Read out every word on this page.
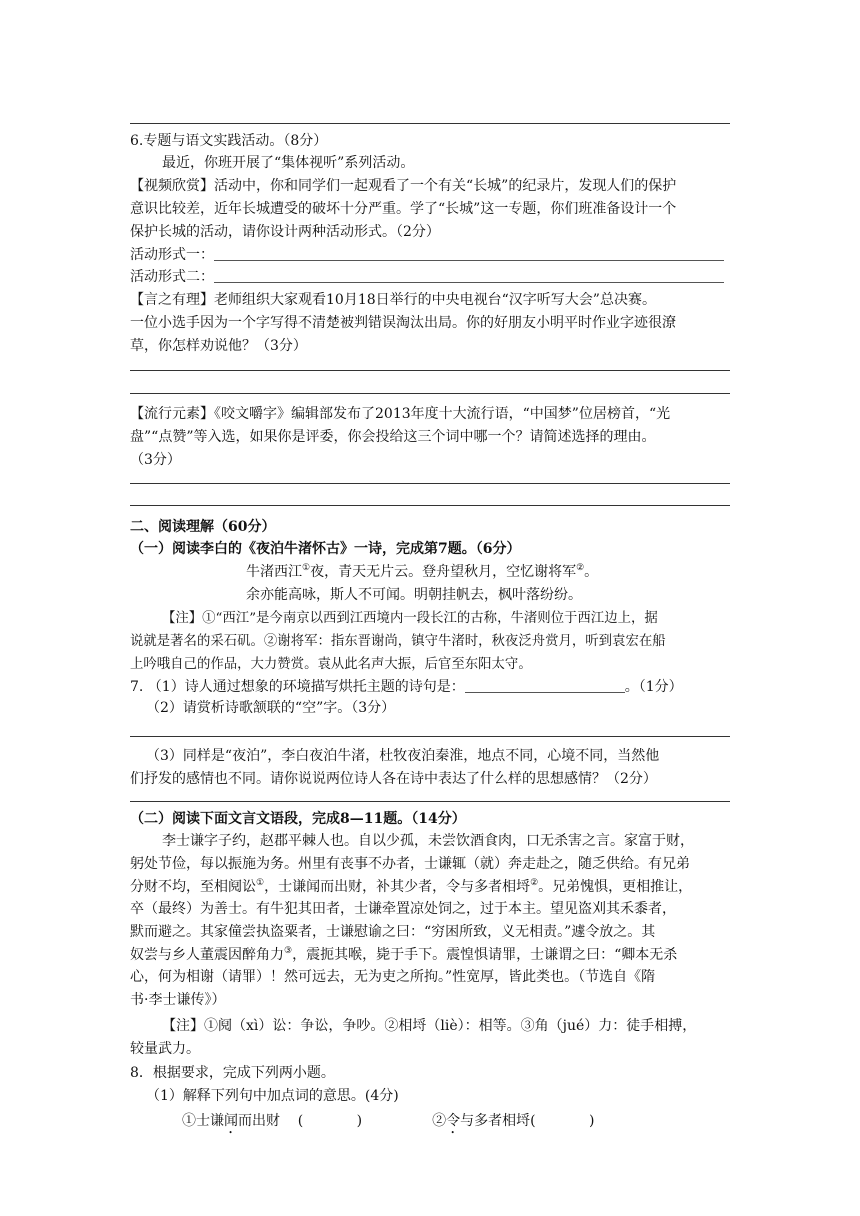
6.专题与语文实践活动。（8分）
最近，你班开展了“集体视听”系列活动。
【视频欣赏】活动中，你和同学们一起观看了一个有关“长城”的纪录片，发现人们的保护
意识比较差，近年长城遭受的破坏十分严重。学了“长城”这一专题，你们班准备设计一个
保护长城的活动，请你设计两种活动形式。（2分）
活动形式一：
活动形式二：
【言之有理】老师组织大家观看10月18日举行的中央电视台“汉字听写大会”总决赛。
一位小选手因为一个字写得不清楚被判错误淘汰出局。你的好朋友小明平时作业字迹很潦
草，你怎样劝说他？（3分）
【流行元素】《咬文嚼字》编辑部发布了2013年度十大流行语，“中国梦”位居榜首，“光
盘”“点赞”等入选，如果你是评委，你会投给这三个词中哪一个？请简述选择的理由。
（3分）
二、阅读理解（60分）
（一）阅读李白的《夜泊牛渚怀古》一诗，完成第7题。（6分）
牛渚西江①夜，青天无片云。登舟望秋月，空忆谢将军②。
余亦能高咏，斯人不可闻。明朝挂帆去，枫叶落纷纷。
【注】①“西江”是今南京以西到江西境内一段长江的古称，牛渚则位于西江边上，据
说就是著名的采石矶。②谢将军：指东晋谢尚，镇守牛渚时，秋夜泛舟赏月，听到袁宏在船
上吟哦自己的作品，大力赞赏。袁从此名声大振，后官至东阳太守。
7. （1）诗人通过想象的环境描写烘托主题的诗句是：	。（1分）
（2）请赏析诗歌颔联的“空”字。（3分）
（3）同样是“夜泊”，李白夜泊牛渚，杜牧夜泊秦淮，地点不同，心境不同，当然他
们抒发的感情也不同。请你说说两位诗人各在诗中表达了什么样的思想感情？（2分）
（二）阅读下面文言文语段，完成8—11题。（14分）
李士谦字子约，赵郡平棘人也。自以少孤，未尝饮酒食肉，口无杀害之言。家富于财，
躬处节俭，每以振施为务。州里有丧事不办者，士谦辄（就）奔走赴之，随乏供给。有兄弟
分财不均，至相阋讼①，士谦闻而出财，补其少者，令与多者相埒②。兄弟愧惧，更相推让，
卒（最终）为善士。有牛犯其田者，士谦牵置凉处饲之，过于本主。望见盗刈其禾黍者，
默而避之。其家僮尝执盗粟者，士谦慰谕之曰：“穷困所致，义无相责。”遽令放之。其
奴尝与乡人董震因醉角力③，震扼其喉，毙于手下。震惶惧请罪，士谦谓之曰：“卿本无杀
心，何为相谢（请罪）！然可远去，无为吏之所拘。”性宽厚，皆此类也。（节选自《隋
书·李士谦传》）
【注】①阋（xì）讼：争讼，争吵。②相埒（liè）：相等。③角（jué）力：徒手相搏，
较量武力。
8．根据要求，完成下列两小题。
（1）解释下列句中加点词的意思。(4分)
①士谦闻而出财    (            )	②令与多者相埒(            )
